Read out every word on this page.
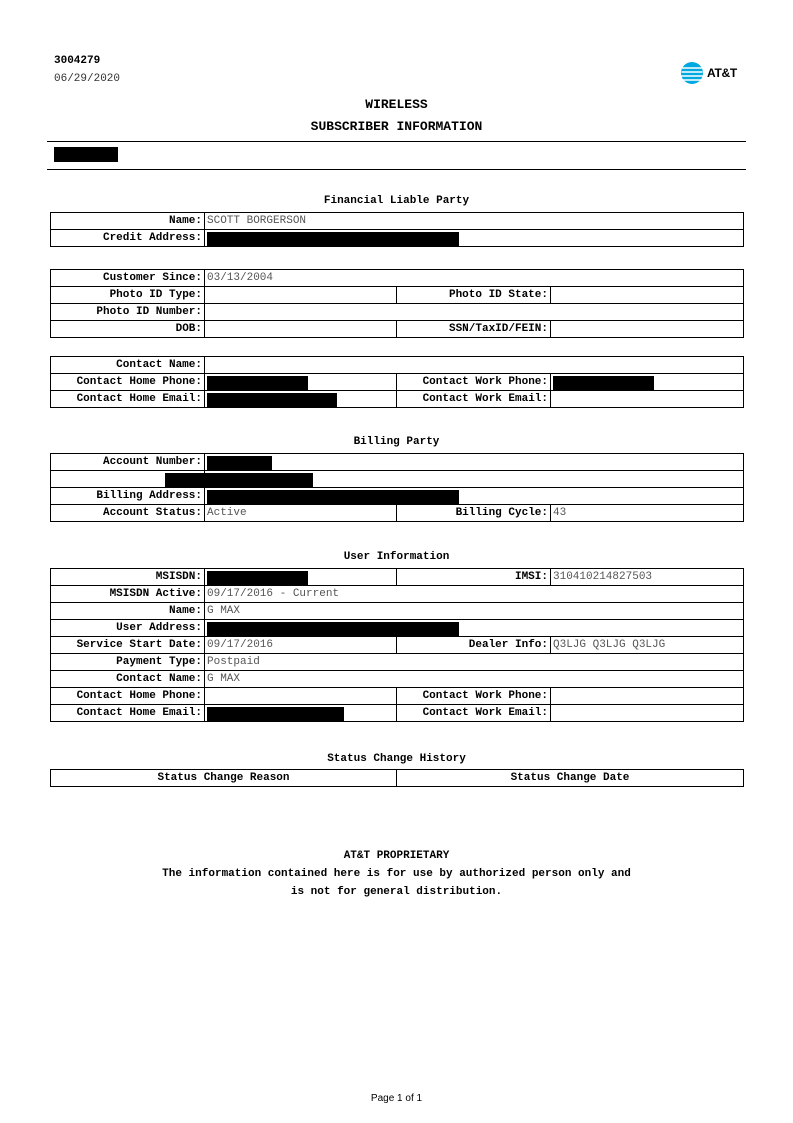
3004279
06/29/2020	AT&T
WIRELESS
SUBSCRIBER INFORMATION
Financial Liable Party
Name:	SCOTT BORGERSON
Credit Address:	
Customer Since:	03/13/2004		
Photo ID Type:		Photo ID State:	
Photo ID Number:			
DOB:		SSN/TaxID/FEIN:	
Contact Name:			
Contact Home Phone:		Contact Work Phone:	

Contact Home Email:		Contact Work Email:	
Billing Party
Account Number:			

Billing Address:			

Account Status:	Active	Billing Cycle:	43
User Information
MSISDN:		IMSI:	310410214827503
MSISDN Active:	09/17/2016 - Current		
Name:	G MAX		
User Address:			

Service Start Date:	09/17/2016	Dealer Info:	Q3LJG Q3LJG Q3LJG
Payment Type:	Postpaid		
Contact Name:	G MAX		
Contact Home Phone:		Contact Work Phone:	
Contact Home Email:		Contact Work Email:	
Status Change History
Status Change Reason	Status Change Date
AT&T PROPRIETARY
The information contained here is for use by authorized person only and
is not for general distribution.
Page 1 of 1
